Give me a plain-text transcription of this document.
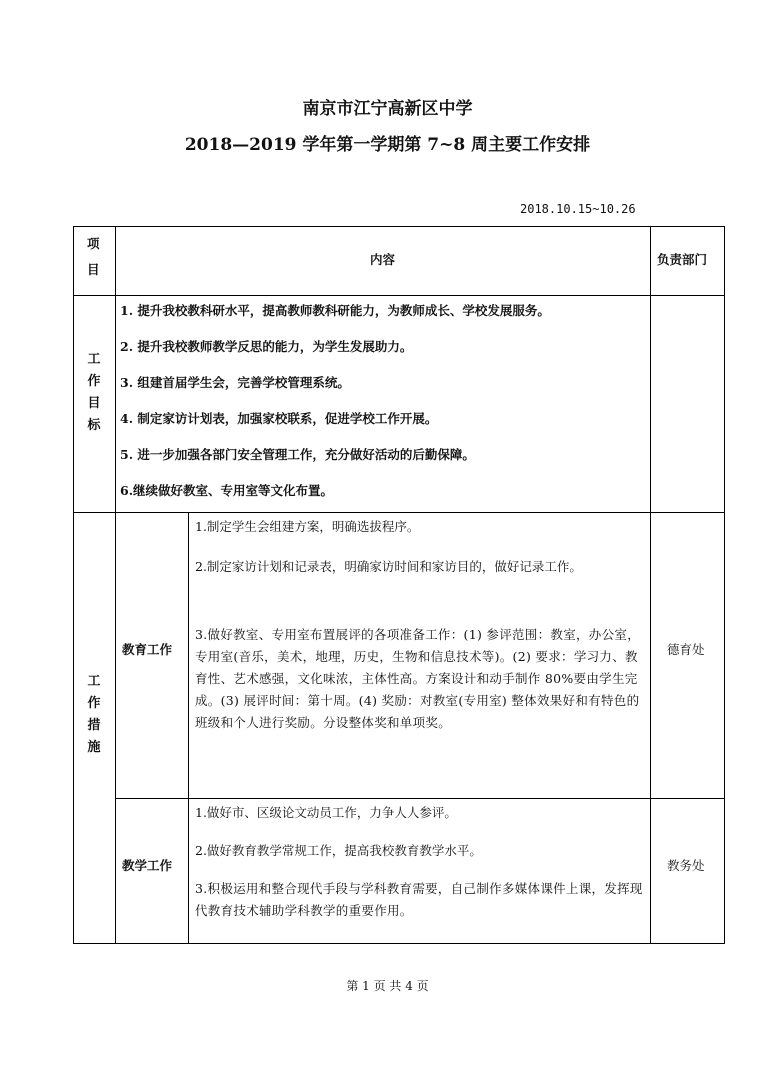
南京市江宁高新区中学
2018—2019 学年第一学期第 7~8 周主要工作安排
2018.10.15~10.26
项
目
内容	负责部门
工
作
目
标
1. 提升我校教科研水平，提高教师教科研能力，为教师成长、学校发展服务。
2. 提升我校教师教学反思的能力，为学生发展助力。
3. 组建首届学生会，完善学校管理系统。
4. 制定家访计划表，加强家校联系，促进学校工作开展。
5. 进一步加强各部门安全管理工作，充分做好活动的后勤保障。
6.继续做好教室、专用室等文化布置。
工
作
措
施
教育工作
1.制定学生会组建方案，明确选拔程序。
2.制定家访计划和记录表，明确家访时间和家访目的，做好记录工作。
3.做好教室、专用室布置展评的各项准备工作：(1) 参评范围：教室，办公室，专用室(音乐，美术，地理，历史，生物和信息技术等)。(2) 要求：学习力、教育性、艺术感强，文化味浓，主体性高。方案设计和动手制作 80%要由学生完成。(3) 展评时间：第十周。(4) 奖励：对教室(专用室) 整体效果好和有特色的班级和个人进行奖励。分设整体奖和单项奖。
德育处
教学工作
1.做好市、区级论文动员工作，力争人人参评。
2.做好教育教学常规工作，提高我校教育教学水平。
3.积极运用和整合现代手段与学科教育需要，自己制作多媒体课件上课，发挥现代教育技术辅助学科教学的重要作用。
教务处
第 1 页 共 4 页
